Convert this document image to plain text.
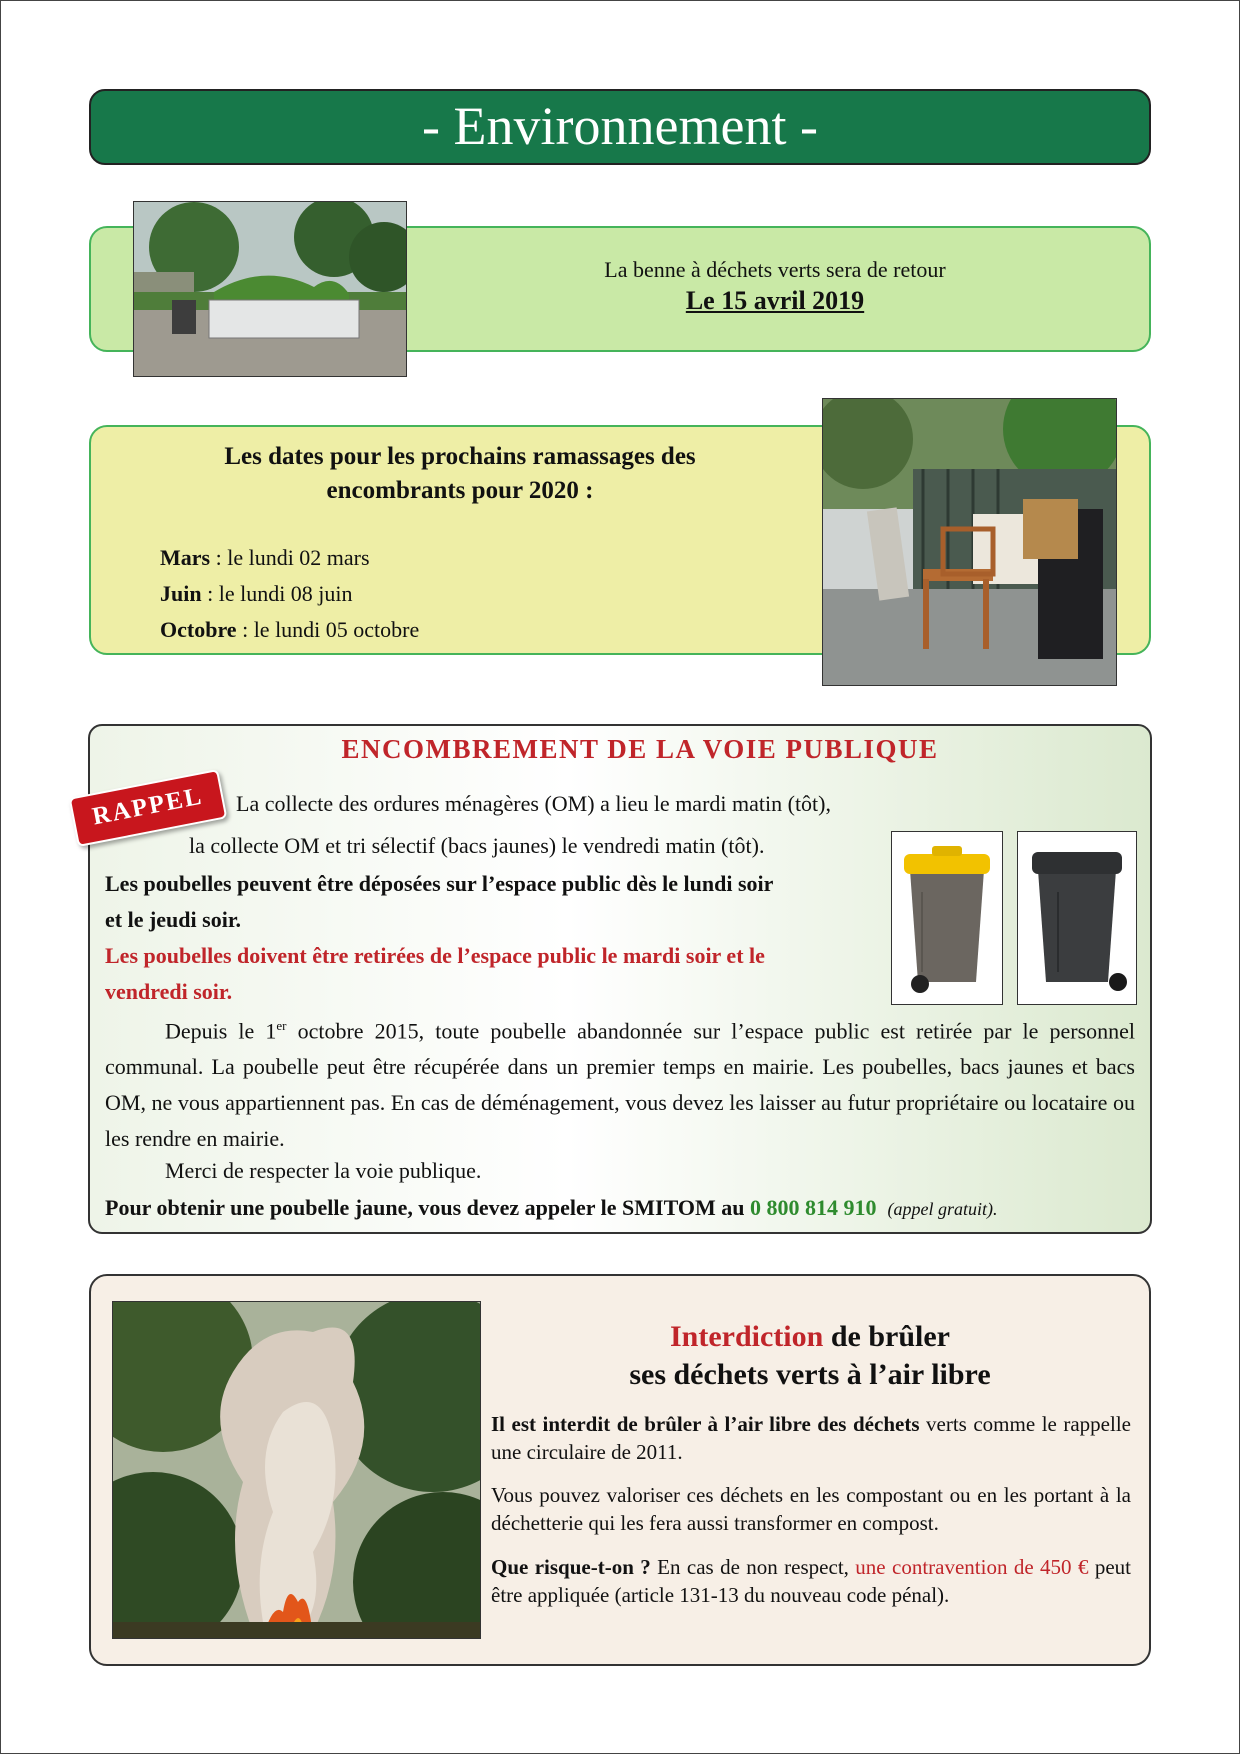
- Environnement -
La benne à déchets verts sera de retour
Le 15 avril 2019
Les dates pour les prochains ramassages des
encombrants pour 2020 :
Mars : le lundi 02 mars
Juin : le lundi 08 juin
Octobre : le lundi 05 octobre
ENCOMBREMENT DE LA VOIE PUBLIQUE
RAPPEL	La collecte des ordures ménagères (OM) a lieu le mardi matin (tôt),
la collecte OM et tri sélectif (bacs jaunes) le vendredi matin (tôt).
Les poubelles peuvent être déposées sur l’espace public dès le lundi soir
et le jeudi soir.
Les poubelles doivent être retirées de l’espace public le mardi soir et le
vendredi soir.
Depuis le 1er octobre 2015, toute poubelle abandonnée sur l’espace public est retirée par le personnel communal. La poubelle peut être récupérée dans un premier temps en mairie. Les poubelles, bacs jaunes et bacs OM, ne vous appartiennent pas. En cas de déménagement, vous devez les laisser au futur propriétaire ou locataire ou les rendre en mairie.
Merci de respecter la voie publique.
Pour obtenir une poubelle jaune, vous devez appeler le SMITOM au 0 800 814 910 (appel gratuit).
Interdiction de brûler
ses déchets verts à l’air libre
Il est interdit de brûler à l’air libre des déchets verts comme le rappelle une circulaire de 2011.
Vous pouvez valoriser ces déchets en les compostant ou en les portant à la déchetterie qui les fera aussi transformer en compost.
Que risque-t-on ? En cas de non respect, une contravention de 450 € peut être appliquée (article 131-13 du nouveau code pénal).
